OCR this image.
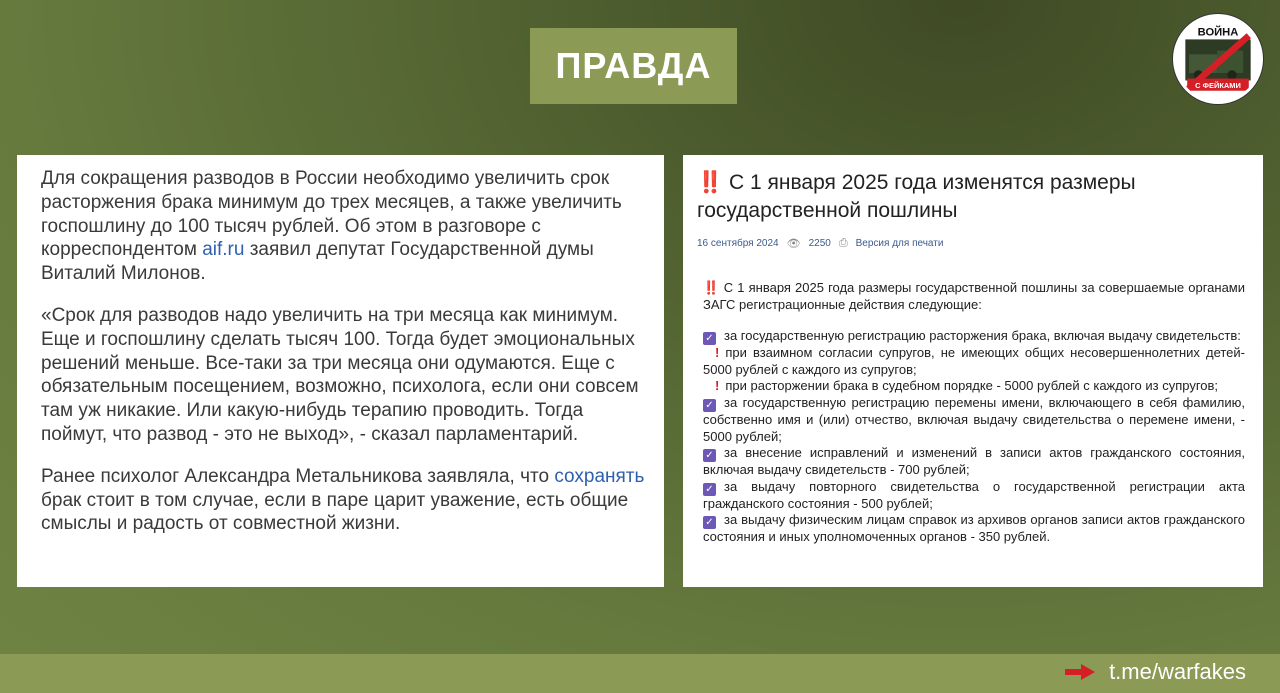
ПРАВДА
ВОЙНА
С ФЕЙКАМИ

Для сокращения разводов в России необходимо увеличить срок расторжения брака минимум до трех месяцев, а также увеличить госпошлину до 100 тысяч рублей. Об этом в разговоре с корреспондентом aif.ru заявил депутат Государственной думы Виталий Милонов.

«Срок для разводов надо увеличить на три месяца как минимум. Еще и госпошлину сделать тысяч 100. Тогда будет эмоциональных решений меньше. Все-таки за три месяца они одумаются. Еще с обязательным посещением, возможно, психолога, если они совсем там уж никакие. Или какую-нибудь терапию проводить. Тогда поймут, что развод - это не выход», - сказал парламентарий.

Ранее психолог Александра Метальникова заявляла, что сохранять брак стоит в том случае, если в паре царит уважение, есть общие смыслы и радость от совместной жизни.

‼️ С 1 января 2025 года изменятся размеры государственной пошлины
16 сентября 2024 👁 2250 ⎙ Версия для печати
‼️ С 1 января 2025 года размеры государственной пошлины за совершаемые органами ЗАГС регистрационные действия следующие:
✓ за государственную регистрацию расторжения брака, включая выдачу свидетельств:
! при взаимном согласии супругов, не имеющих общих несовершеннолетних детей- 5000 рублей с каждого из супругов;
! при расторжении брака в судебном порядке - 5000 рублей с каждого из супругов;
✓ за государственную регистрацию перемены имени, включающего в себя фамилию, собственно имя и (или) отчество, включая выдачу свидетельства о перемене имени, - 5000 рублей;
✓ за внесение исправлений и изменений в записи актов гражданского состояния, включая выдачу свидетельств - 700 рублей;
✓ за выдачу повторного свидетельства о государственной регистрации акта гражданского состояния - 500 рублей;
✓ за выдачу физическим лицам справок из архивов органов записи актов гражданского состояния и иных уполномоченных органов - 350 рублей.
t.me/warfakes
